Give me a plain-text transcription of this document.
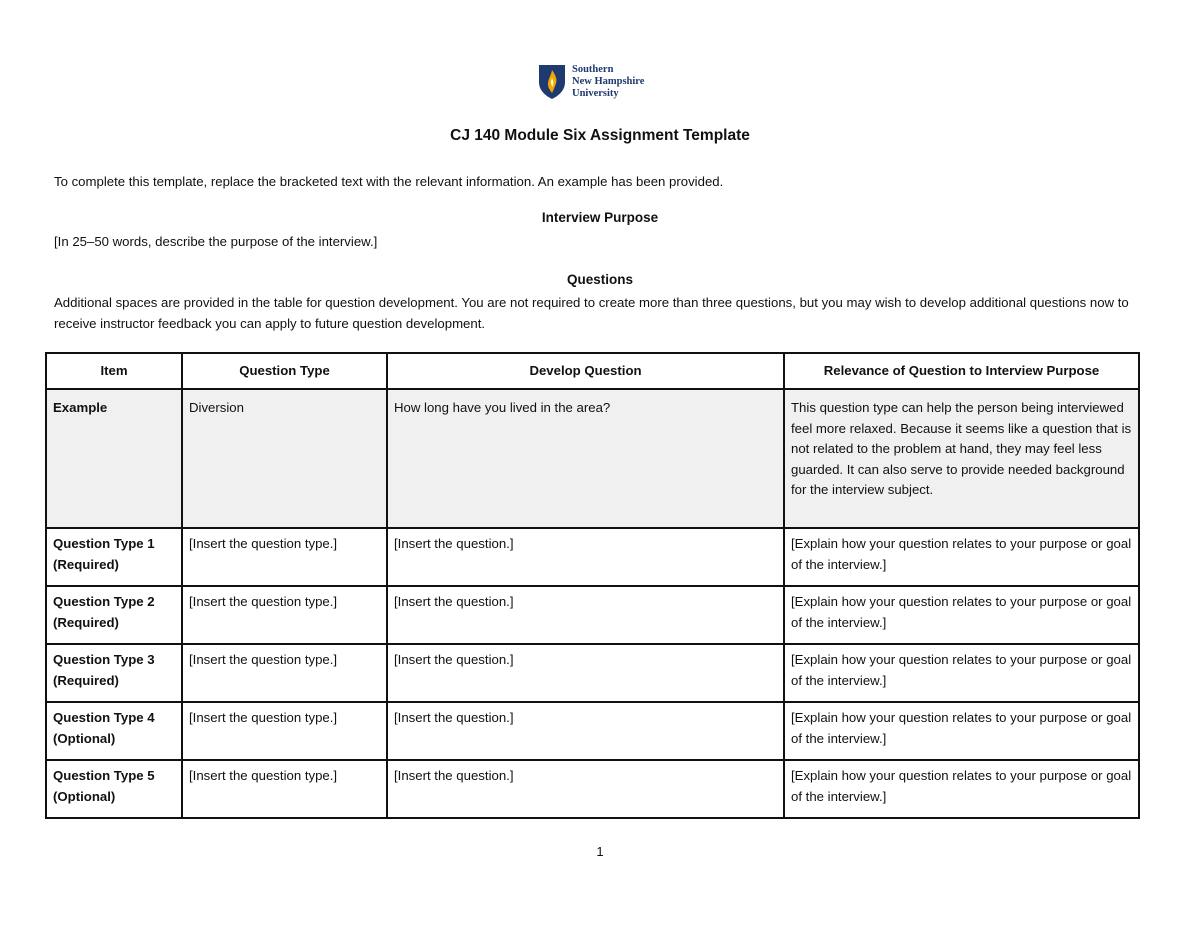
Southern
New Hampshire
University
CJ 140 Module Six Assignment Template
To complete this template, replace the bracketed text with the relevant information. An example has been provided.
Interview Purpose
[In 25–50 words, describe the purpose of the interview.]
Questions
Additional spaces are provided in the table for question development. You are not required to create more than three questions, but you may wish to develop additional questions now to receive instructor feedback you can apply to future question development.
Item	Question Type	Develop Question	Relevance of Question to Interview Purpose
Example	Diversion	How long have you lived in the area?	This question type can help the person being interviewed feel more relaxed. Because it seems like a question that is not related to the problem at hand, they may feel less guarded. It can also serve to provide needed background for the interview subject.

Question Type 1
(Required)	[Insert the question type.]	[Insert the question.]	[Explain how your question relates to your purpose or goal of the interview.]

Question Type 2
(Required)	[Insert the question type.]	[Insert the question.]	[Explain how your question relates to your purpose or goal of the interview.]

Question Type 3
(Required)	[Insert the question type.]	[Insert the question.]	[Explain how your question relates to your purpose or goal of the interview.]

Question Type 4
(Optional)	[Insert the question type.]	[Insert the question.]	[Explain how your question relates to your purpose or goal of the interview.]

Question Type 5
(Optional)	[Insert the question type.]	[Insert the question.]	[Explain how your question relates to your purpose or goal of the interview.]
1
